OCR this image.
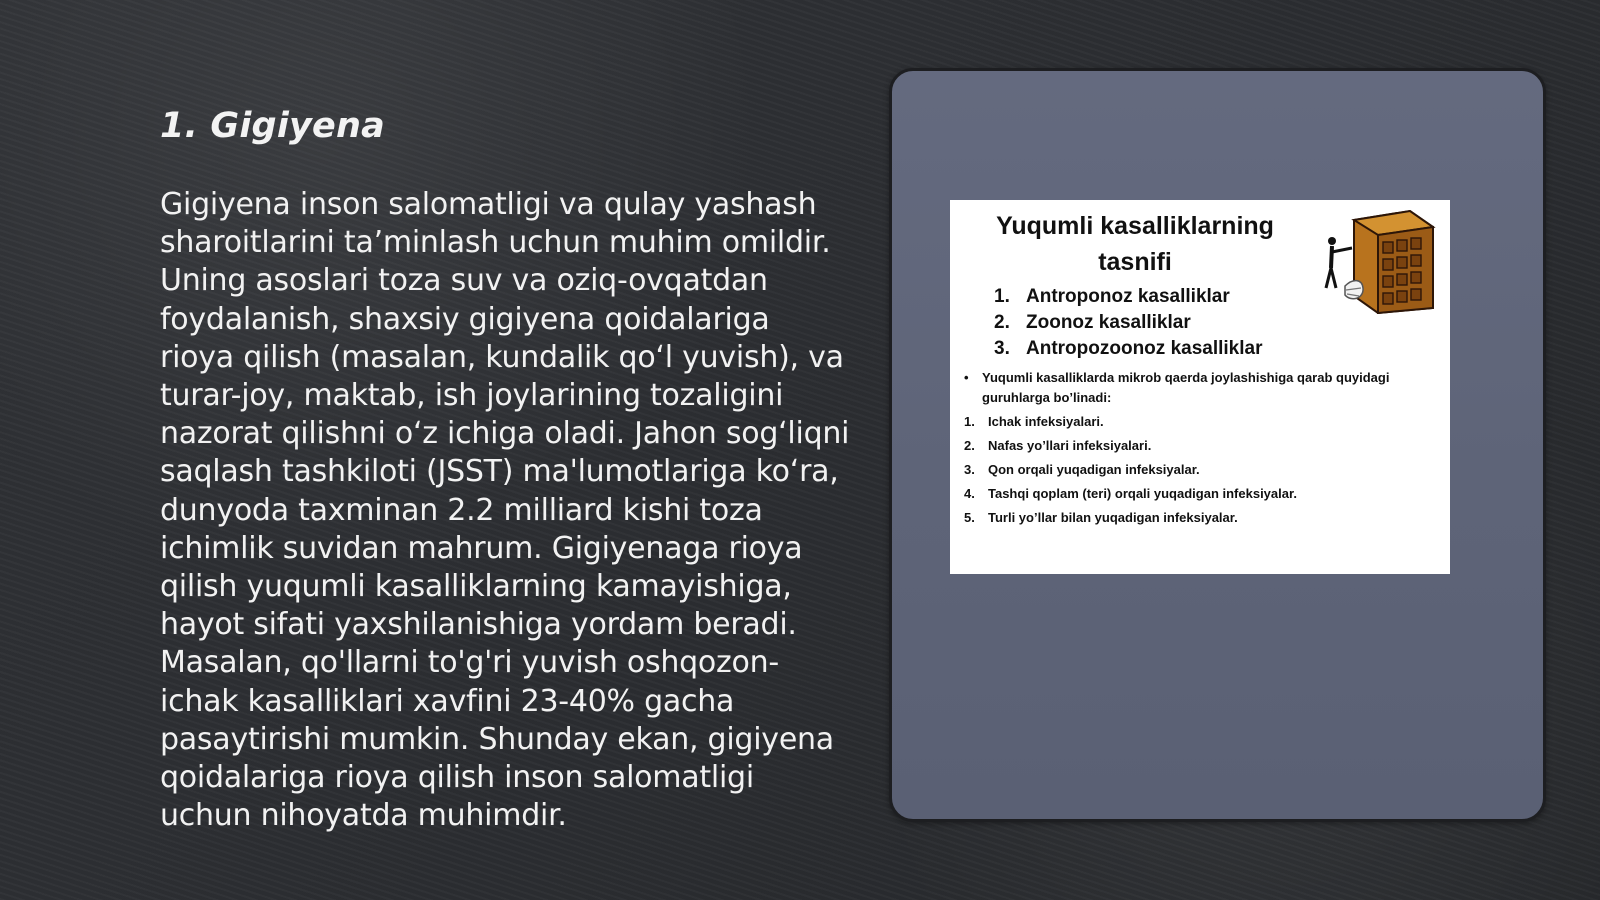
1. Gigiyena

Gigiyena inson salomatligi va qulay yashash sharoitlarini ta’minlash uchun muhim omildir. Uning asoslari toza suv va oziq-ovqatdan foydalanish, shaxsiy gigiyena qoidalariga rioya qilish (masalan, kundalik qoʻl yuvish), va turar-joy, maktab, ish joylarining tozaligini nazorat qilishni oʻz ichiga oladi. Jahon sogʻliqni saqlash tashkiloti (JSST) ma'lumotlariga koʻra, dunyoda taxminan 2.2 milliard kishi toza ichimlik suvidan mahrum. Gigiyenaga rioya qilish yuqumli kasalliklarning kamayishiga, hayot sifati yaxshilanishiga yordam beradi. Masalan, qo'llarni to'g'ri yuvish oshqozon-ichak kasalliklari xavfini 23-40% gacha pasaytirishi mumkin. Shunday ekan, gigiyena qoidalariga rioya qilish inson salomatligi uchun nihoyatda muhimdir.

Yuqumli kasalliklarning tasnifi
1. Antroponoz kasalliklar
2. Zoonoz kasalliklar
3. Antropozoonoz kasalliklar

•	Yuqumli kasalliklarda mikrob qaerda joylashishiga qarab quyidagi guruhlarga bo’linadi:

1.	Ichak infeksiyalari.
2.	Nafas yo’llari infeksiyalari.
3.	Qon orqali yuqadigan infeksiyalar.
4.	Tashqi qoplam (teri) orqali yuqadigan infeksiyalar.
5.	Turli yo’llar bilan yuqadigan infeksiyalar.
